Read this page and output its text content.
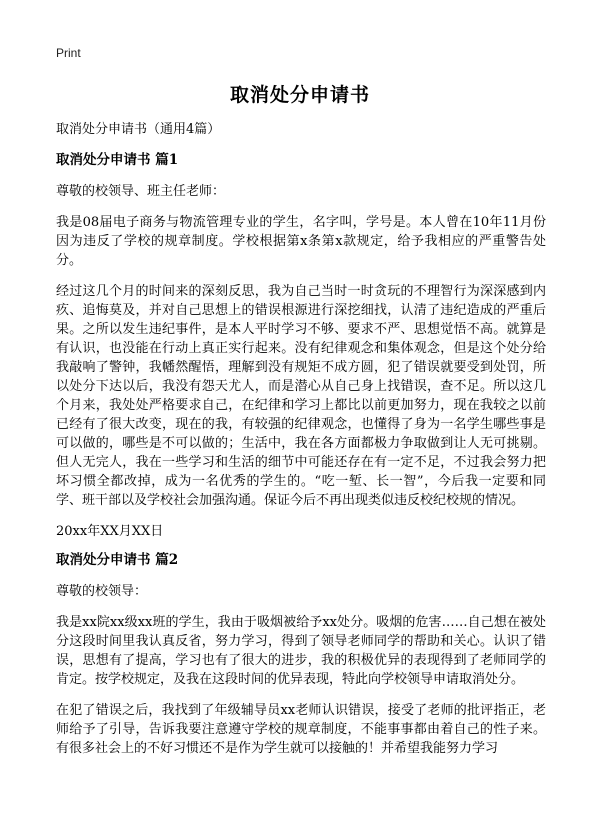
Print
取消处分申请书

取消处分申请书（通用4篇）

取消处分申请书 篇1

尊敬的校领导、班主任老师：

我是08届电子商务与物流管理专业的学生，名字叫，学号是。本人曾在10年11月份因为违反了学校的规章制度。学校根据第x条第x款规定，给予我相应的严重警告处分。

经过这几个月的时间来的深刻反思，我为自己当时一时贪玩的不理智行为深深感到内疚、追悔莫及，并对自己思想上的错误根源进行深挖细找，认清了违纪造成的严重后果。之所以发生违纪事件，是本人平时学习不够、要求不严、思想觉悟不高。就算是有认识，也没能在行动上真正实行起来。没有纪律观念和集体观念，但是这个处分给我敲响了警钟，我幡然醒悟，理解到没有规矩不成方圆，犯了错误就要受到处罚，所以处分下达以后，我没有怨天尤人，而是潜心从自己身上找错误，查不足。所以这几个月来，我处处严格要求自己，在纪律和学习上都比以前更加努力，现在我较之以前已经有了很大改变，现在的我，有较强的纪律观念，也懂得了身为一名学生哪些事是可以做的，哪些是不可以做的；生活中，我在各方面都极力争取做到让人无可挑剔。但人无完人，我在一些学习和生活的细节中可能还存在有一定不足，不过我会努力把坏习惯全都改掉，成为一名优秀的学生的。“吃一堑、长一智”，今后我一定要和同学、班干部以及学校社会加强沟通。保证今后不再出现类似违反校纪校规的情况。

20xx年XX月XX日

取消处分申请书 篇2

尊敬的校领导：

我是xx院xx级xx班的学生，我由于吸烟被给予xx处分。吸烟的危害……自己想在被处分这段时间里我认真反省，努力学习，得到了领导老师同学的帮助和关心。认识了错误，思想有了提高，学习也有了很大的进步，我的积极优异的表现得到了老师同学的肯定。按学校规定，及我在这段时间的优异表现，特此向学校领导申请取消处分。

在犯了错误之后，我找到了年级辅导员xx老师认识错误，接受了老师的批评指正，老师给予了引导，告诉我要注意遵守学校的规章制度，不能事事都由着自己的性子来。有很多社会上的不好习惯还不是作为学生就可以接触的！并希望我能努力学习
